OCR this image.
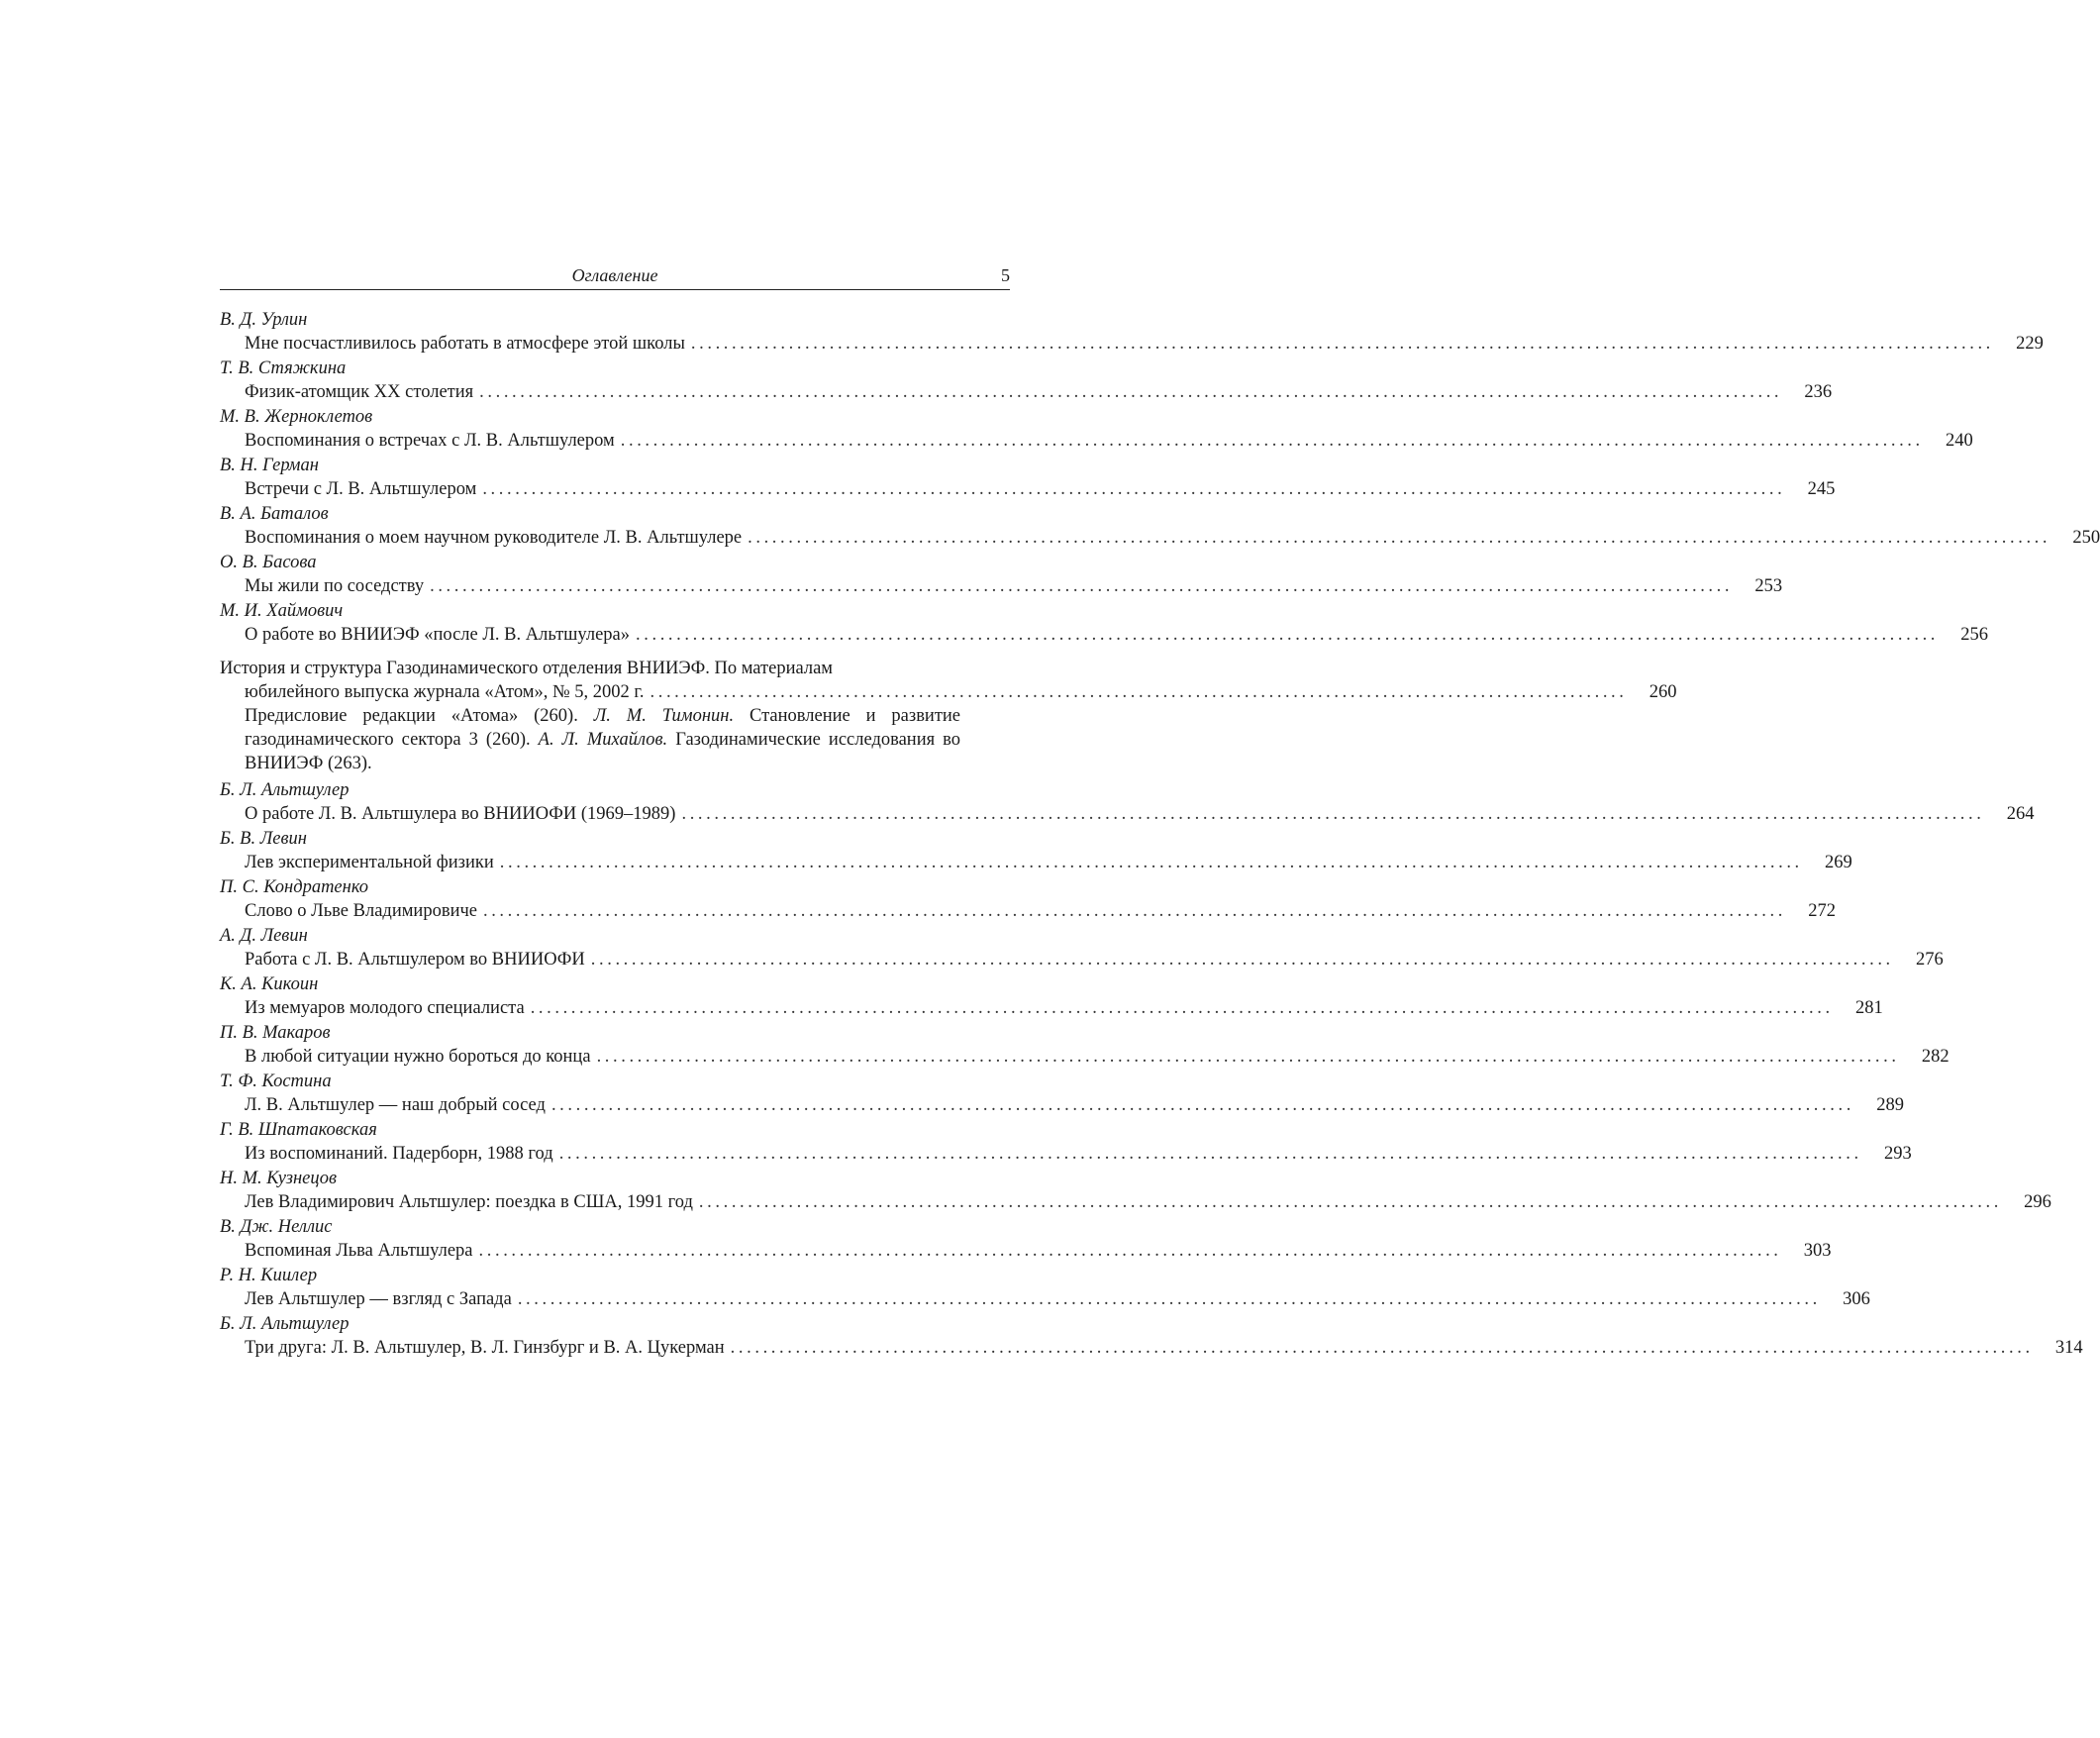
Оглавление	5
В. Д. Урлин
Мне посчастливилось работать в атмосфере этой школы ................................................................................................................................................................	229
Т. В. Стяжкина
Физик-атомщик XX столетия ................................................................................................................................................................	236
М. В. Жерноклетов
Воспоминания о встречах с Л. В. Альтшулером ................................................................................................................................................................	240
В. Н. Герман
Встречи с Л. В. Альтшулером ................................................................................................................................................................	245
В. А. Баталов
Воспоминания о моем научном руководителе Л. В. Альтшулере ................................................................................................................................................................	250
О. В. Басова
Мы жили по соседству ................................................................................................................................................................	253
М. И. Хаймович
О работе во ВНИИЭФ «после Л. В. Альтшулера» ................................................................................................................................................................	256
История и структура Газодинамического отделения ВНИИЭФ. По материалам
юбилейного выпуска журнала «Атом», № 5, 2002 г. ........................................................................................................................	260
Предисловие редакции «Атома» (260). Л. М. Тимонин. Становление и развитие газодинамического сектора 3 (260). А. Л. Михайлов. Газодинамические исследования во ВНИИЭФ (263).
Б. Л. Альтшулер
О работе Л. В. Альтшулера во ВНИИОФИ (1969–1989) ................................................................................................................................................................	264
Б. В. Левин
Лев экспериментальной физики ................................................................................................................................................................	269
П. С. Кондратенко
Слово о Льве Владимировиче ................................................................................................................................................................	272
А. Д. Левин
Работа с Л. В. Альтшулером во ВНИИОФИ ................................................................................................................................................................	276
К. А. Кикоин
Из мемуаров молодого специалиста ................................................................................................................................................................	281
П. В. Макаров
В любой ситуации нужно бороться до конца ................................................................................................................................................................	282
Т. Ф. Костина
Л. В. Альтшулер — наш добрый сосед ................................................................................................................................................................	289
Г. В. Шпатаковская
Из воспоминаний. Падерборн, 1988 год ................................................................................................................................................................	293
Н. М. Кузнецов
Лев Владимирович Альтшулер: поездка в США, 1991 год ................................................................................................................................................................	296
В. Дж. Неллис
Вспоминая Льва Альтшулера ................................................................................................................................................................	303
Р. Н. Киилер
Лев Альтшулер — взгляд с Запада ................................................................................................................................................................	306
Б. Л. Альтшулер
Три друга: Л. В. Альтшулер, В. Л. Гинзбург и В. А. Цукерман ................................................................................................................................................................	314
